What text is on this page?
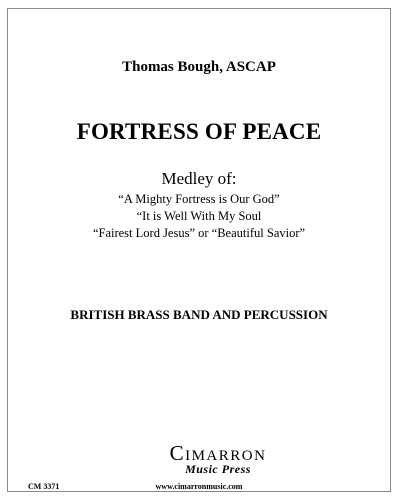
Thomas Bough, ASCAP
FORTRESS OF PEACE
Medley of:
“A Mighty Fortress is Our God”
“It is Well With My Soul
“Fairest Lord Jesus” or “Beautiful Savior”
BRITISH BRASS BAND AND PERCUSSION
CIMARRON
Music Press
CM 3371	www.cimarronmusic.com
